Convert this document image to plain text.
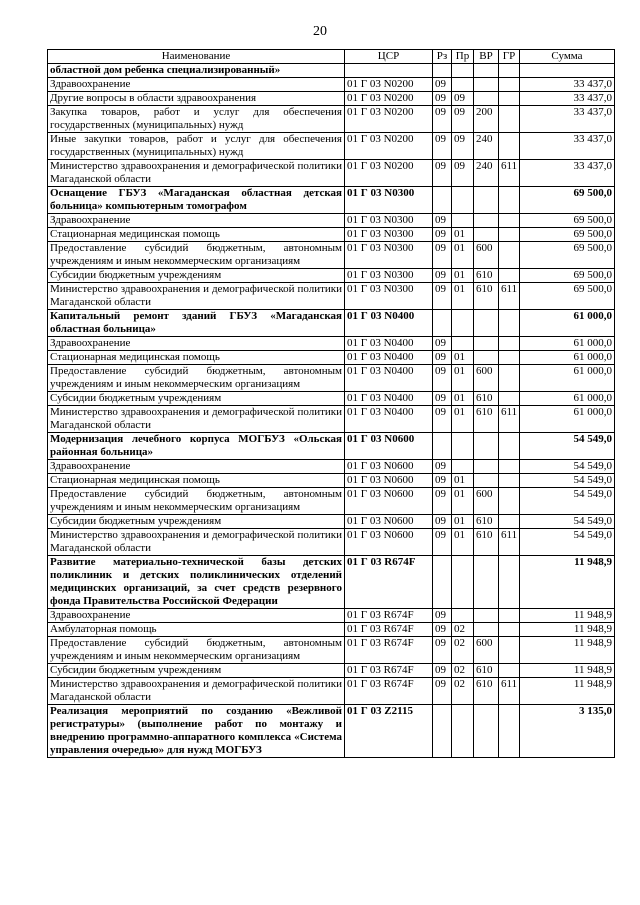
20
Наименование	ЦСР	Рз	Пр	ВР	ГР	Сумма
областной дом ребенка специализированный»						
Здравоохранение	01 Г 03 N0200	09				33 437,0
Другие вопросы в области здравоохранения	01 Г 03 N0200	09	09			33 437,0
Закупка товаров, работ и услуг для обеспечения государственных (муниципальных) нужд	01 Г 03 N0200	09	09	200		33 437,0
Иные закупки товаров, работ и услуг для обеспечения государственных (муниципальных) нужд	01 Г 03 N0200	09	09	240		33 437,0
Министерство здравоохранения и демографической политики Магаданской области	01 Г 03 N0200	09	09	240	611	33 437,0
Оснащение ГБУЗ «Магаданская областная детская больница» компьютерным томографом	01 Г 03 N0300					69 500,0
Здравоохранение	01 Г 03 N0300	09				69 500,0
Стационарная медицинская помощь	01 Г 03 N0300	09	01			69 500,0
Предоставление субсидий бюджетным, автономным учреждениям и иным некоммерческим организациям	01 Г 03 N0300	09	01	600		69 500,0
Субсидии бюджетным учреждениям	01 Г 03 N0300	09	01	610		69 500,0
Министерство здравоохранения и демографической политики Магаданской области	01 Г 03 N0300	09	01	610	611	69 500,0
Капитальный ремонт зданий ГБУЗ «Магаданская областная больница»	01 Г 03 N0400					61 000,0
Здравоохранение	01 Г 03 N0400	09				61 000,0
Стационарная медицинская помощь	01 Г 03 N0400	09	01			61 000,0
Предоставление субсидий бюджетным, автономным учреждениям и иным некоммерческим организациям	01 Г 03 N0400	09	01	600		61 000,0
Субсидии бюджетным учреждениям	01 Г 03 N0400	09	01	610		61 000,0
Министерство здравоохранения и демографической политики Магаданской области	01 Г 03 N0400	09	01	610	611	61 000,0
Модернизация лечебного корпуса МОГБУЗ «Ольская районная больница»	01 Г 03 N0600					54 549,0
Здравоохранение	01 Г 03 N0600	09				54 549,0
Стационарная медицинская помощь	01 Г 03 N0600	09	01			54 549,0
Предоставление субсидий бюджетным, автономным учреждениям и иным некоммерческим организациям	01 Г 03 N0600	09	01	600		54 549,0
Субсидии бюджетным учреждениям	01 Г 03 N0600	09	01	610		54 549,0
Министерство здравоохранения и демографической политики Магаданской области	01 Г 03 N0600	09	01	610	611	54 549,0
Развитие материально-технической базы детских поликлиник и детских поликлинических отделений медицинских организаций, за счет средств резервного фонда Правительства Российской Федерации	01 Г 03 R674F					11 948,9
Здравоохранение	01 Г 03 R674F	09				11 948,9
Амбулаторная помощь	01 Г 03 R674F	09	02			11 948,9
Предоставление субсидий бюджетным, автономным учреждениям и иным некоммерческим организациям	01 Г 03 R674F	09	02	600		11 948,9
Субсидии бюджетным учреждениям	01 Г 03 R674F	09	02	610		11 948,9
Министерство здравоохранения и демографической политики Магаданской области	01 Г 03 R674F	09	02	610	611	11 948,9
Реализация мероприятий по созданию «Вежливой регистратуры» (выполнение работ по монтажу и внедрению программно-аппаратного комплекса «Система управления очередью» для нужд МОГБУЗ	01 Г 03 Z2115					3 135,0
